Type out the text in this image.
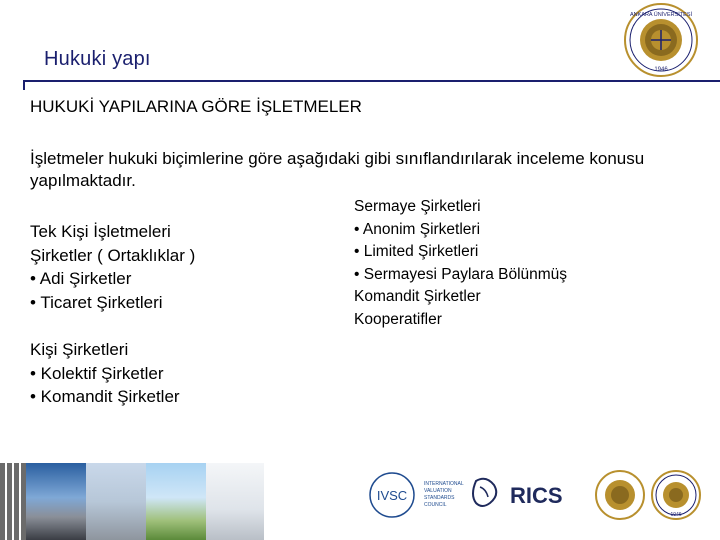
Hukuki yapı
ANKARA ÜNİVERSİTESİ
1946
HUKUKİ YAPILARINA GÖRE İŞLETMELER
İşletmeler hukuki biçimlerine göre aşağıdaki gibi sınıflandırılarak inceleme konusu yapılmaktadır.
Tek Kişi İşletmeleri
Şirketler ( Ortaklıklar )
• Adi Şirketler
• Ticaret Şirketleri
Kişi Şirketleri
• Kolektif Şirketler
• Komandit Şirketler
Sermaye Şirketleri
• Anonim Şirketleri
• Limited Şirketleri
• Sermayesi Paylara Bölünmüş
Komandit Şirketler
Kooperatifler
IVSC
INTERNATIONAL
VALUATION
STANDARDS
COUNCIL	RICS
1946
